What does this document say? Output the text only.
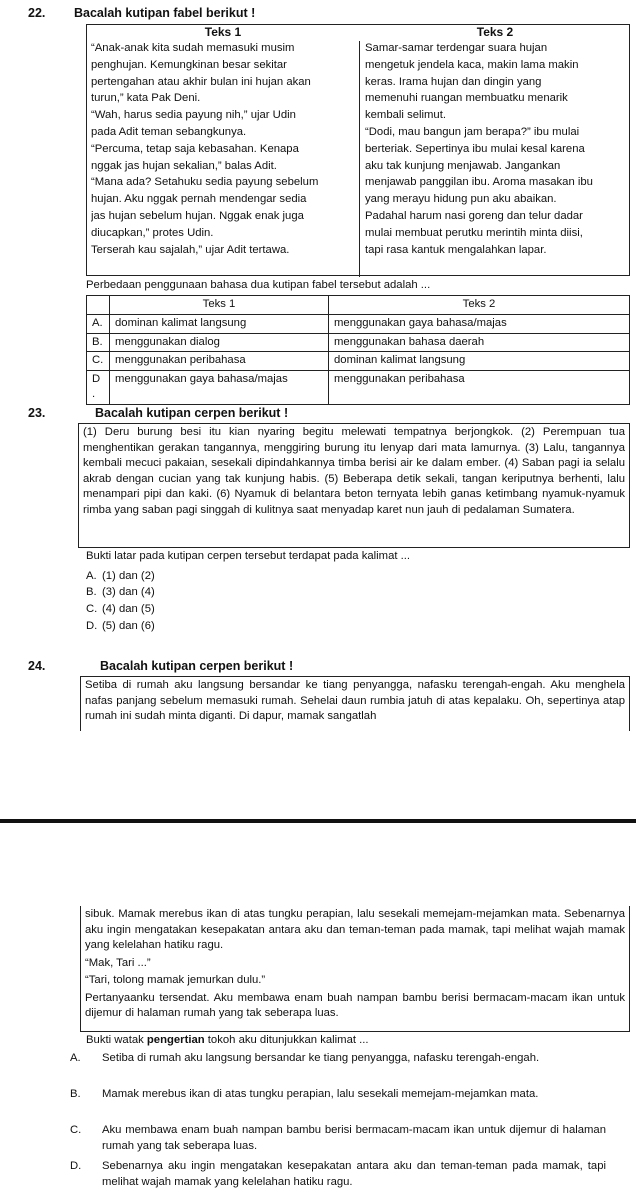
22. Bacalah kutipan fabel berikut !
Teks 1	Teks 2
“Anak-anak kita sudah memasuki musim
penghujan. Kemungkinan besar sekitar
pertengahan atau akhir bulan ini hujan akan
turun,” kata Pak Deni.
“Wah, harus sedia payung nih,” ujar Udin
pada Adit teman sebangkunya.
“Percuma, tetap saja kebasahan. Kenapa
nggak jas hujan sekalian,” balas Adit.
“Mana ada? Setahuku sedia payung sebelum
hujan. Aku nggak pernah mendengar sedia
jas hujan sebelum hujan. Nggak enak juga
diucapkan,” protes Udin.
Terserah kau sajalah,” ujar Adit tertawa.
Samar-samar terdengar suara hujan
mengetuk jendela kaca, makin lama makin
keras. Irama hujan dan dingin yang
memenuhi ruangan membuatku menarik
kembali selimut.
“Dodi, mau bangun jam berapa?” ibu mulai
berteriak. Sepertinya ibu mulai kesal karena
aku tak kunjung menjawab. Jangankan
menjawab panggilan ibu. Aroma masakan ibu
yang merayu hidung pun aku abaikan.
Padahal harum nasi goreng dan telur dadar
mulai membuat perutku merintih minta diisi,
tapi rasa kantuk mengalahkan lapar.
Perbedaan penggunaan bahasa dua kutipan fabel tersebut adalah ...
	Teks 1	Teks 2
A.	dominan kalimat langsung	menggunakan gaya bahasa/majas
B.	menggunakan dialog	menggunakan bahasa daerah
C.	menggunakan peribahasa	dominan kalimat langsung
D
.	menggunakan gaya bahasa/majas	menggunakan peribahasa
23.	Bacalah kutipan cerpen berikut !

(1) Deru burung besi itu kian nyaring begitu melewati tempatnya berjongkok. (2) Perempuan tua menghentikan gerakan tangannya, menggiring burung itu lenyap dari mata lamurnya. (3) Lalu, tangannya kembali mecuci pakaian, sesekali dipindahkannya timba berisi air ke dalam ember. (4) Saban pagi ia selalu akrab dengan cucian yang tak kunjung habis. (5) Beberapa detik sekali, tangan keriputnya berhenti, lalu menampari pipi dan kaki. (6) Nyamuk di belantara beton ternyata lebih ganas ketimbang nyamuk-nyamuk rimba yang saban pagi singgah di kulitnya saat menyadap karet nun jauh di pedalaman Sumatera.

Bukti latar pada kutipan cerpen tersebut terdapat pada kalimat ...
A. (1) dan (2)
B. (3) dan (4)
C. (4) dan (5)
D. (5) dan (6)
24.	Bacalah kutipan cerpen berikut !

Setiba di rumah aku langsung bersandar ke tiang penyangga, nafasku terengah-engah. Aku menghela nafas panjang sebelum memasuki rumah. Sehelai daun rumbia jatuh di atas kepalaku. Oh, sepertinya atap rumah ini sudah minta diganti. Di dapur, mamak sangatlah

sibuk. Mamak merebus ikan di atas tungku perapian, lalu sesekali memejam-mejamkan mata. Sebenarnya aku ingin mengatakan kesepakatan antara aku dan teman-teman pada mamak, tapi melihat wajah mamak yang kelelahan hatiku ragu.

“Mak, Tari ...”
“Tari, tolong mamak jemurkan dulu.”

Pertanyaanku tersendat. Aku membawa enam buah nampan bambu berisi bermacam-macam ikan untuk dijemur di halaman rumah yang tak seberapa luas.

Bukti watak pengertian tokoh aku ditunjukkan kalimat ...
A. Setiba di rumah aku langsung bersandar ke tiang penyangga, nafasku terengah-engah.
B. Mamak merebus ikan di atas tungku perapian, lalu sesekali memejam-mejamkan mata.
C. Aku membawa enam buah nampan bambu berisi bermacam-macam ikan untuk dijemur di halaman rumah yang tak seberapa luas.
D. Sebenarnya aku ingin mengatakan kesepakatan antara aku dan teman-teman pada mamak, tapi melihat wajah mamak yang kelelahan hatiku ragu.
